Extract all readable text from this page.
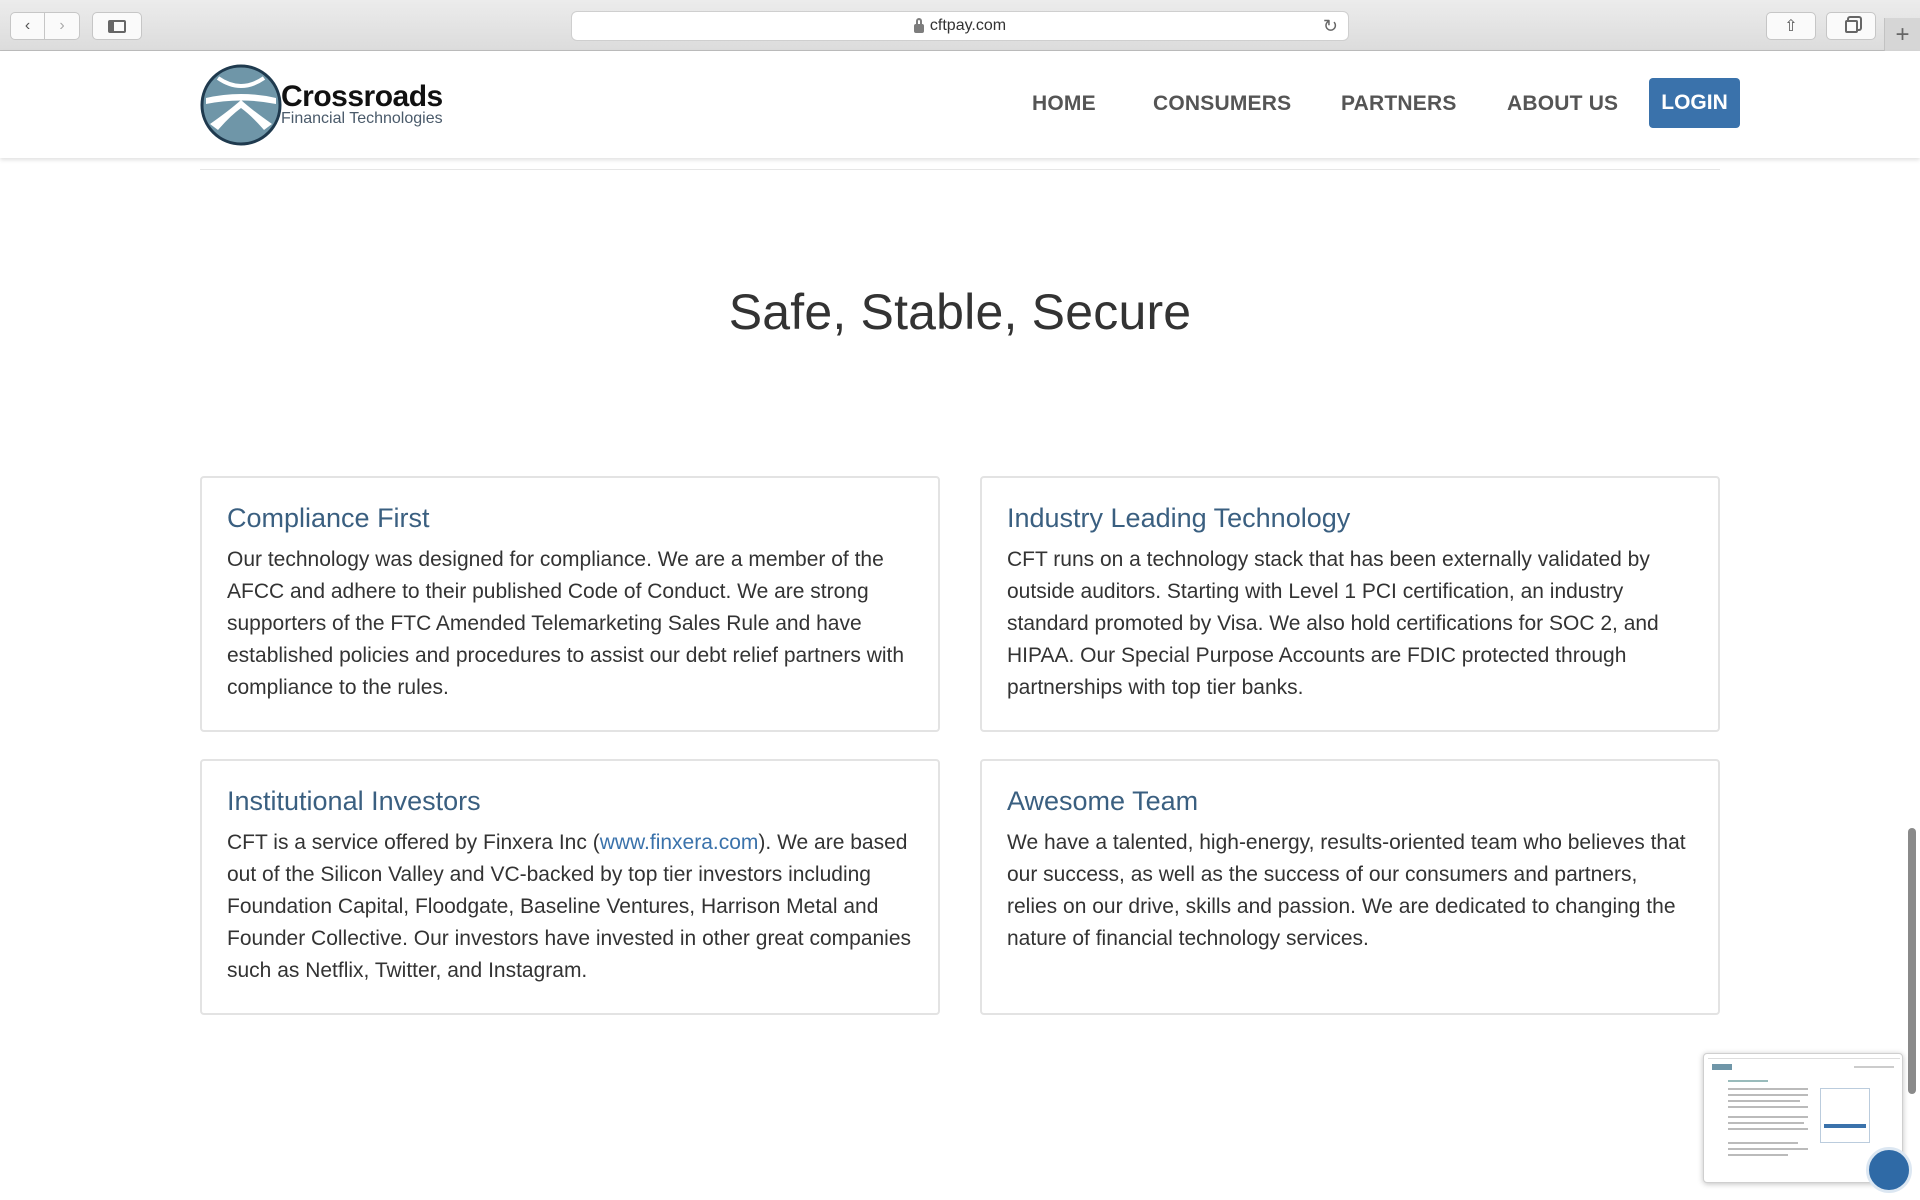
‹ ›	cftpay.com	↻	⇧	+
Crossroads
Financial Technologies
HOME	CONSUMERS PARTNERS ABOUT US	LOGIN
Safe, Stable, Secure
Compliance First

Our technology was designed for compliance. We are a member of the AFCC and adhere to their published Code of Conduct. We are strong supporters of the FTC Amended Telemarketing Sales Rule and have established policies and procedures to assist our debt relief partners with compliance to the rules.

Industry Leading Technology

CFT runs on a technology stack that has been externally validated by outside auditors. Starting with Level 1 PCI certification, an industry standard promoted by Visa. We also hold certifications for SOC 2, and HIPAA. Our Special Purpose Accounts are FDIC protected through partnerships with top tier banks.

Institutional Investors

CFT is a service offered by Finxera Inc (www.finxera.com). We are based out of the Silicon Valley and VC-backed by top tier investors including Foundation Capital, Floodgate, Baseline Ventures, Harrison Metal and Founder Collective. Our investors have invested in other great companies such as Netflix, Twitter, and Instagram.

Awesome Team

We have a talented, high-energy, results-oriented team who believes that our success, as well as the success of our consumers and partners, relies on our drive, skills and passion. We are dedicated to changing the nature of financial technology services.
